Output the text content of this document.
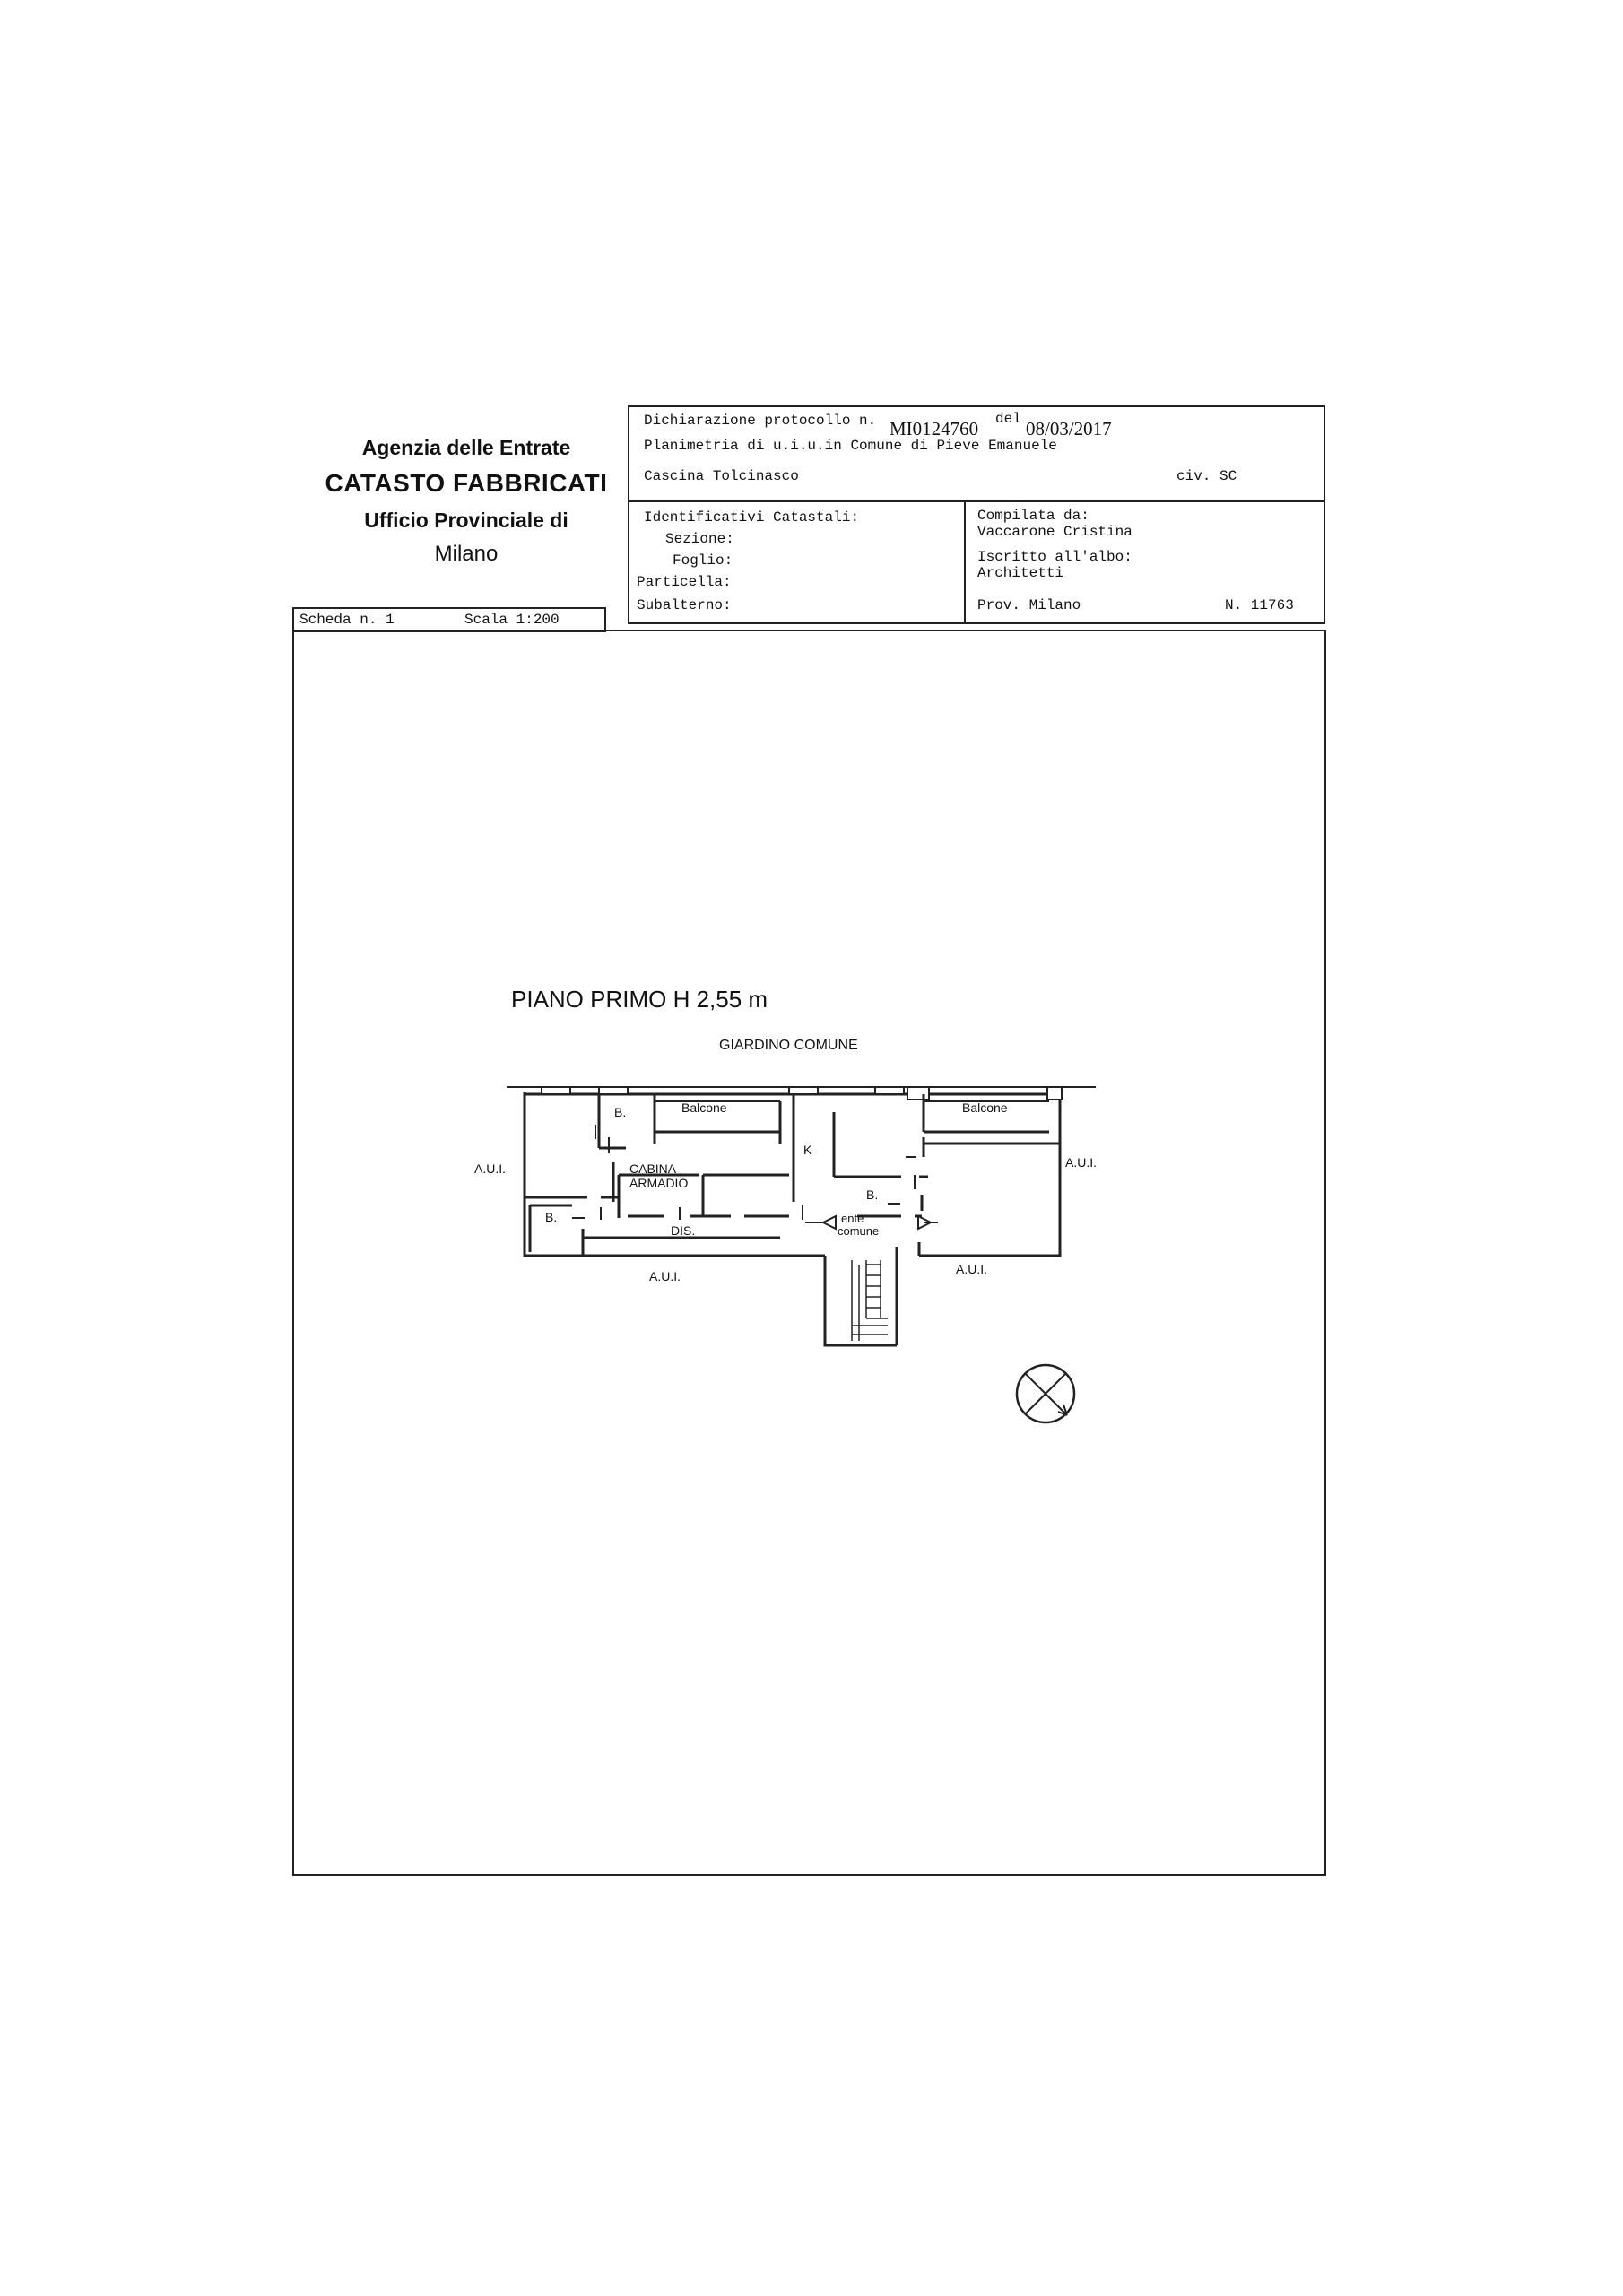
Agenzia delle Entrate
CATASTO FABBRICATI
Ufficio Provinciale di
Milano
Dichiarazione protocollo n. MI0124760 del 08/03/2017
Planimetria di u.i.u.in Comune di Pieve Emanuele
Cascina Tolcinasco	civ. SC
Identificativi Catastali:
Sezione:
Foglio:
Particella:
Subalterno:
Compilata da:
Vaccarone Cristina
Iscritto all'albo:
Architetti
Prov. Milano	N. 11763
Scheda n. 1	Scala 1:200
PIANO PRIMO H 2,55 m
GIARDINO COMUNE
B.	Balcone	Balcone
K
CABINA
ARMADIO
B.
B.
DIS.
ente
comune
A.U.I.	A.U.I.
A.U.I.	A.U.I.
